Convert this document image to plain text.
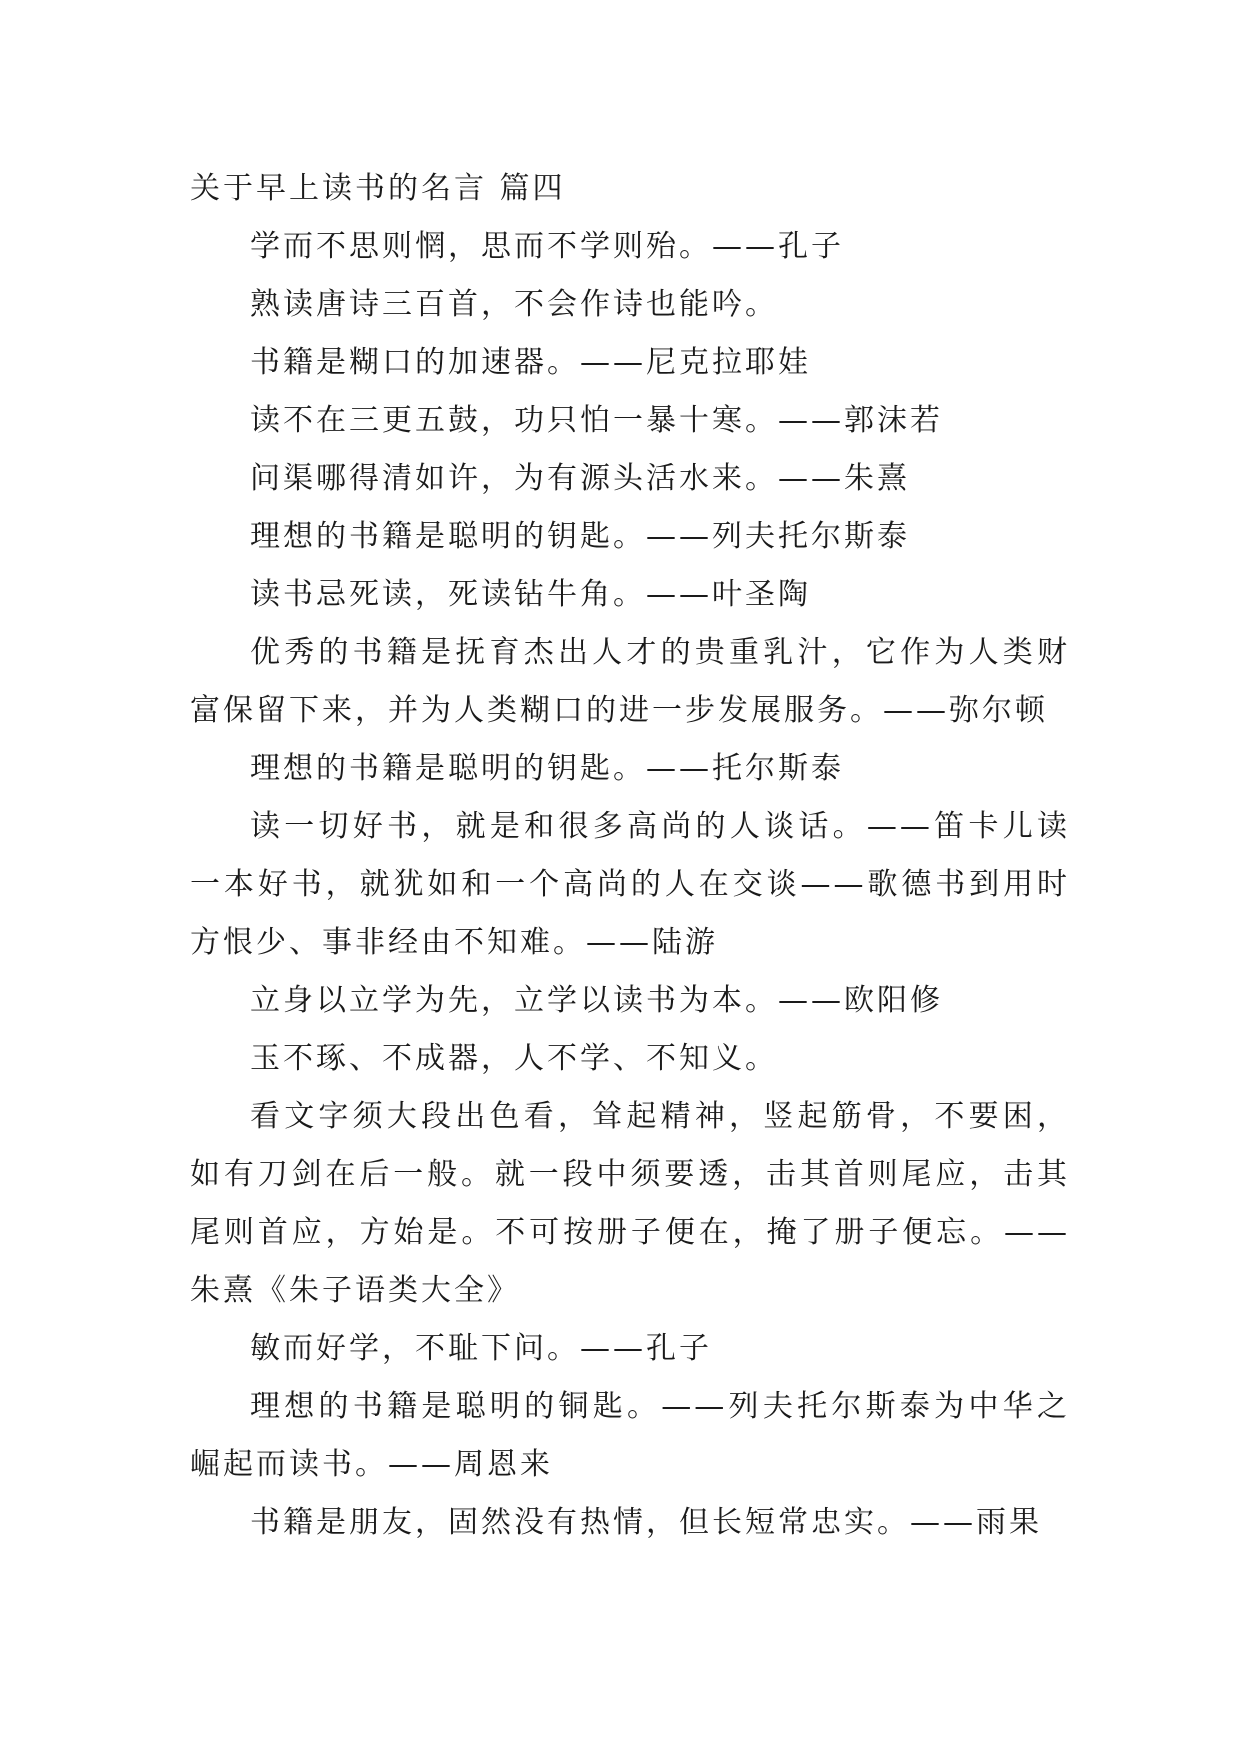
关于早上读书的名言 篇四

学而不思则惘，思而不学则殆。——孔子

熟读唐诗三百首，不会作诗也能吟。

书籍是糊口的加速器。——尼克拉耶娃

读不在三更五鼓，功只怕一暴十寒。——郭沫若

问渠哪得清如许，为有源头活水来。——朱熹

理想的书籍是聪明的钥匙。——列夫托尔斯泰

读书忌死读，死读钻牛角。——叶圣陶

优秀的书籍是抚育杰出人才的贵重乳汁，它作为人类财富保留下来，并为人类糊口的进一步发展服务。——弥尔顿

理想的书籍是聪明的钥匙。——托尔斯泰

读一切好书，就是和很多高尚的人谈话。——笛卡儿读一本好书，就犹如和一个高尚的人在交谈——歌德书到用时方恨少、事非经由不知难。——陆游

立身以立学为先，立学以读书为本。——欧阳修

玉不琢、不成器，人不学、不知义。

看文字须大段出色看，耸起精神，竖起筋骨，不要困，如有刀剑在后一般。就一段中须要透，击其首则尾应，击其尾则首应，方始是。不可按册子便在，掩了册子便忘。——朱熹《朱子语类大全》

敏而好学，不耻下问。——孔子

理想的书籍是聪明的铜匙。——列夫托尔斯泰为中华之崛起而读书。——周恩来

书籍是朋友，固然没有热情，但长短常忠实。——雨果
